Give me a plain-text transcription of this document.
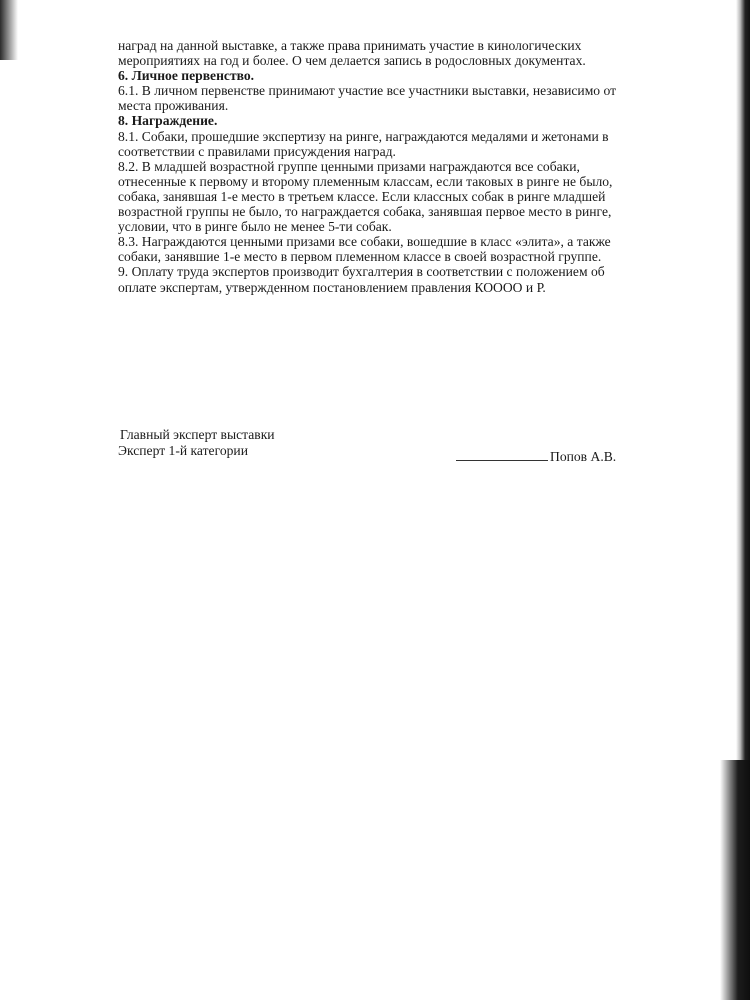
наград на данной выставке, а также права принимать участие в кинологических
мероприятиях на год и более. О чем делается запись в родословных документах.
6. Личное первенство.
6.1. В личном первенстве принимают участие все участники выставки, независимо от
места проживания.
8. Награждение.
8.1. Собаки, прошедшие экспертизу на ринге, награждаются медалями и жетонами в
соответствии с правилами присуждения наград.
8.2. В младшей возрастной группе ценными призами награждаются все собаки,
отнесенные к первому и второму племенным классам, если таковых в ринге не было,
собака, занявшая 1-е место в третьем классе. Если классных собак в ринге младшей
возрастной группы не было, то награждается собака, занявшая первое место в ринге,
условии, что в ринге было не менее 5-ти собак.
8.3. Награждаются ценными призами все собаки, вошедшие в класс «элита», а также
собаки, занявшие 1-е место в первом племенном классе в своей возрастной группе.
9. Оплату труда экспертов производит бухгалтерия в соответствии с положением об
оплате экспертам, утвержденном постановлением правления КОООО и Р.
Главный эксперт выставки
Эксперт 1-й категории	Попов А.В.
